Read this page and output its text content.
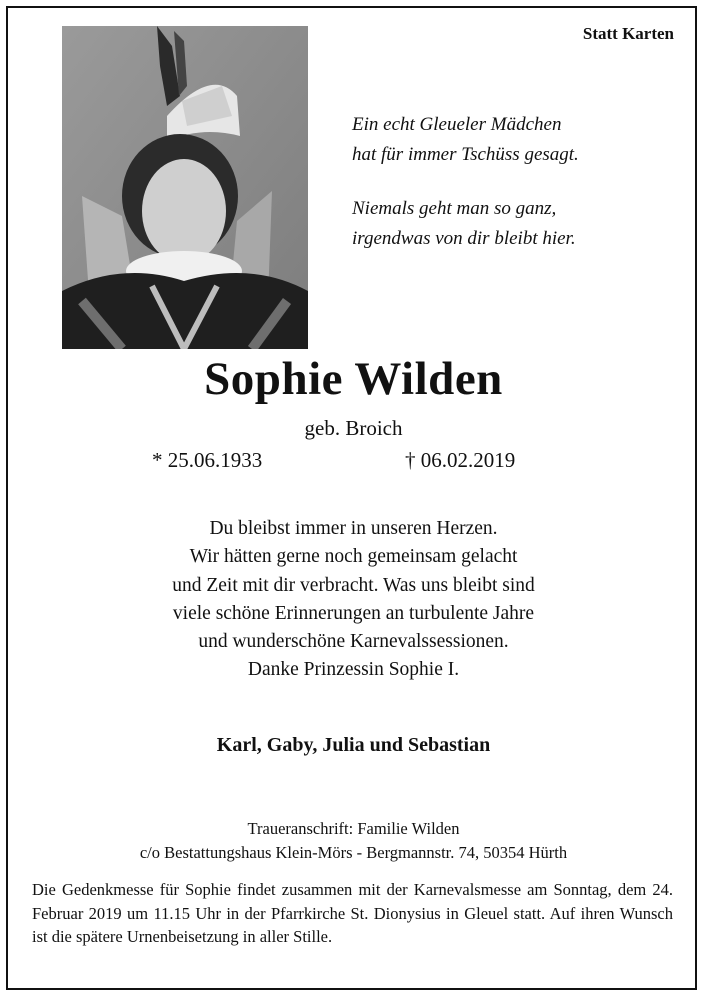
Statt Karten
Ein echt Gleueler Mädchen
hat für immer Tschüss gesagt.
Niemals geht man so ganz,
irgendwas von dir bleibt hier.
Sophie Wilden
geb. Broich
* 25.06.1933	† 06.02.2019
Du bleibst immer in unseren Herzen.
Wir hätten gerne noch gemeinsam gelacht
und Zeit mit dir verbracht. Was uns bleibt sind
viele schöne Erinnerungen an turbulente Jahre
und wunderschöne Karnevalssessionen.
Danke Prinzessin Sophie I.
Karl, Gaby, Julia und Sebastian
Traueranschrift: Familie Wilden
c/o Bestattungshaus Klein-Mörs - Bergmannstr. 74, 50354 Hürth
Die Gedenkmesse für Sophie findet zusammen mit der Karnevalsmesse am Sonntag, dem 24. Februar 2019 um 11.15 Uhr in der Pfarrkirche St. Dionysius in Gleuel statt. Auf ihren Wunsch ist die spätere Urnenbeisetzung in aller Stille.
